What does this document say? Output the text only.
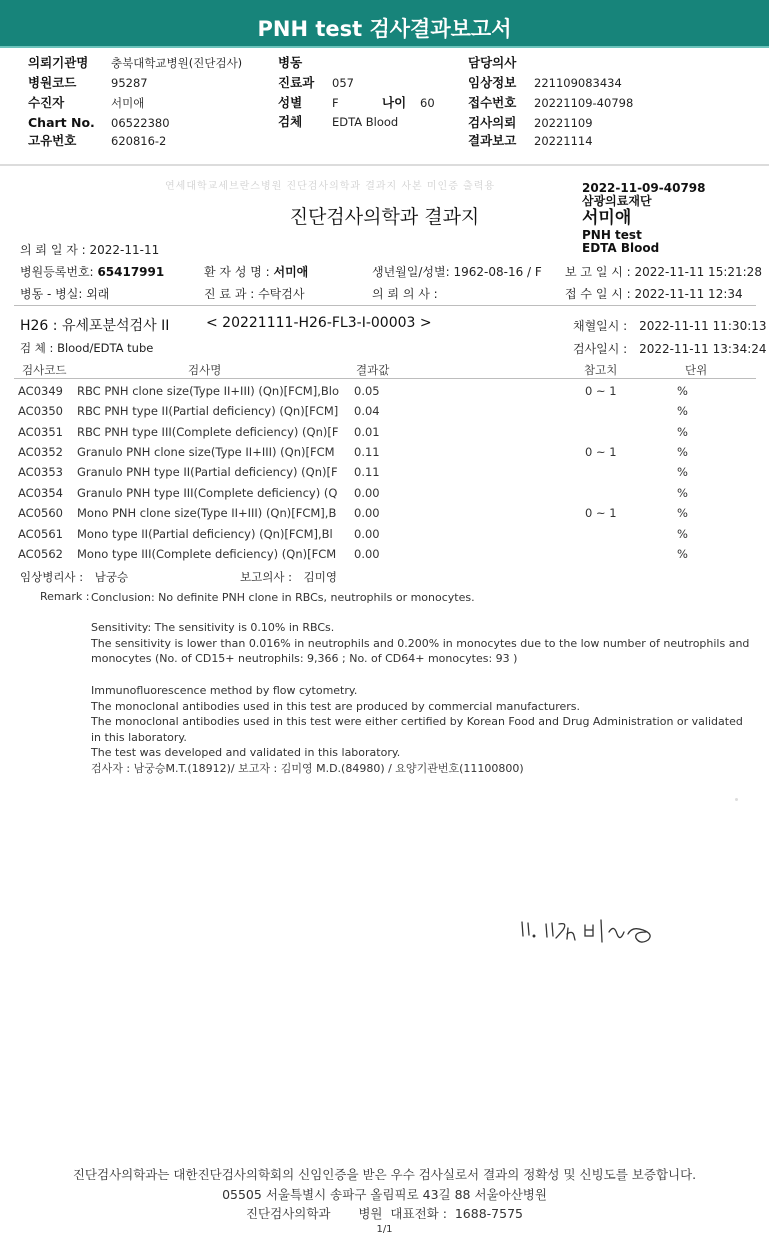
PNH test 검사결과보고서
의뢰기관명 충북대학교병원(진단검사)
병원코드	95287
수진자	서미애
Chart No. 06522380
고유번호	620816-2
병동
진료과 057
성별	F	나이 60
검체	EDTA Blood
담당의사
임상정보 221109083434
접수번호 20221109-40798
검사의뢰 20221109
결과보고 20221114
연세대학교세브란스병원 진단검사의학과 결과지 사본 미인증 출력용	2022-11-09-40798
삼광의료재단
서미애
PNH test
EDTA Blood
진단검사의학과 결과지
의 뢰 일 자 : 2022-11-11
병원등록번호: 65417991	환 자 성 명 : 서미애	생년월일/성별: 1962-08-16 / F 보 고 일 시 : 2022-11-11 15:21:28
병동 - 병실: 외래	진 료 과 : 수탁검사	의 뢰 의 사 :	접 수 일 시 : 2022-11-11 12:34
H26 : 유세포분석검사 II	< 20221111-H26-FL3-I-00003 >	채혈일시 : 2022-11-11 11:30:13
검 체 : Blood/EDTA tube	검사일시 : 2022-11-11 13:34:24
검사코드	검사명	결과값	참고치	단위
AC0349 RBC PNH clone size(Type II+III) (Qn)[FCM],Blo	0.05	0 ~ 1	%
AC0350 RBC PNH type II(Partial deficiency) (Qn)[FCM]	0.04	%
AC0351 RBC PNH type III(Complete deficiency) (Qn)[F	0.01	%
AC0352 Granulo PNH clone size(Type II+III) (Qn)[FCM	0.11	0 ~ 1	%
AC0353 Granulo PNH type II(Partial deficiency) (Qn)[F	0.11	%
AC0354 Granulo PNH type III(Complete deficiency) (Q	0.00	%
AC0560 Mono PNH clone size(Type II+III) (Qn)[FCM],B	0.00	0 ~ 1	%
AC0561 Mono type II(Partial deficiency) (Qn)[FCM],Bl	0.00	%
AC0562 Mono type III(Complete deficiency) (Qn)[FCM	0.00	%
임상병리사 : 남궁승	보고의사 : 김미영
Remark : Conclusion: No definite PNH clone in RBCs, neutrophils or monocytes.

Sensitivity: The sensitivity is 0.10% in RBCs.

The sensitivity is lower than 0.016% in neutrophils and 0.200% in monocytes due to the low number of neutrophils and monocytes (No. of CD15+ neutrophils: 9,366 ; No. of CD64+ monocytes: 93 )

Immunofluorescence method by flow cytometry.

The monoclonal antibodies used in this test are produced by commercial manufacturers.

The monoclonal antibodies used in this test were either certified by Korean Food and Drug Administration or validated in this laboratory.

The test was developed and validated in this laboratory.

검사자 : 남궁승M.T.(18912)/ 보고자 : 김미영 M.D.(84980) / 요양기관번호(11100800)

진단검사의학과는 대한진단검사의학회의 신임인증을 받은 우수 검사실로서 결과의 정확성 및 신빙도를 보증합니다.
05505 서울특별시 송파구 올림픽로 43길 88 서울아산병원
진단검사의학과       병원  대표전화 :  1688-7575
1/1
